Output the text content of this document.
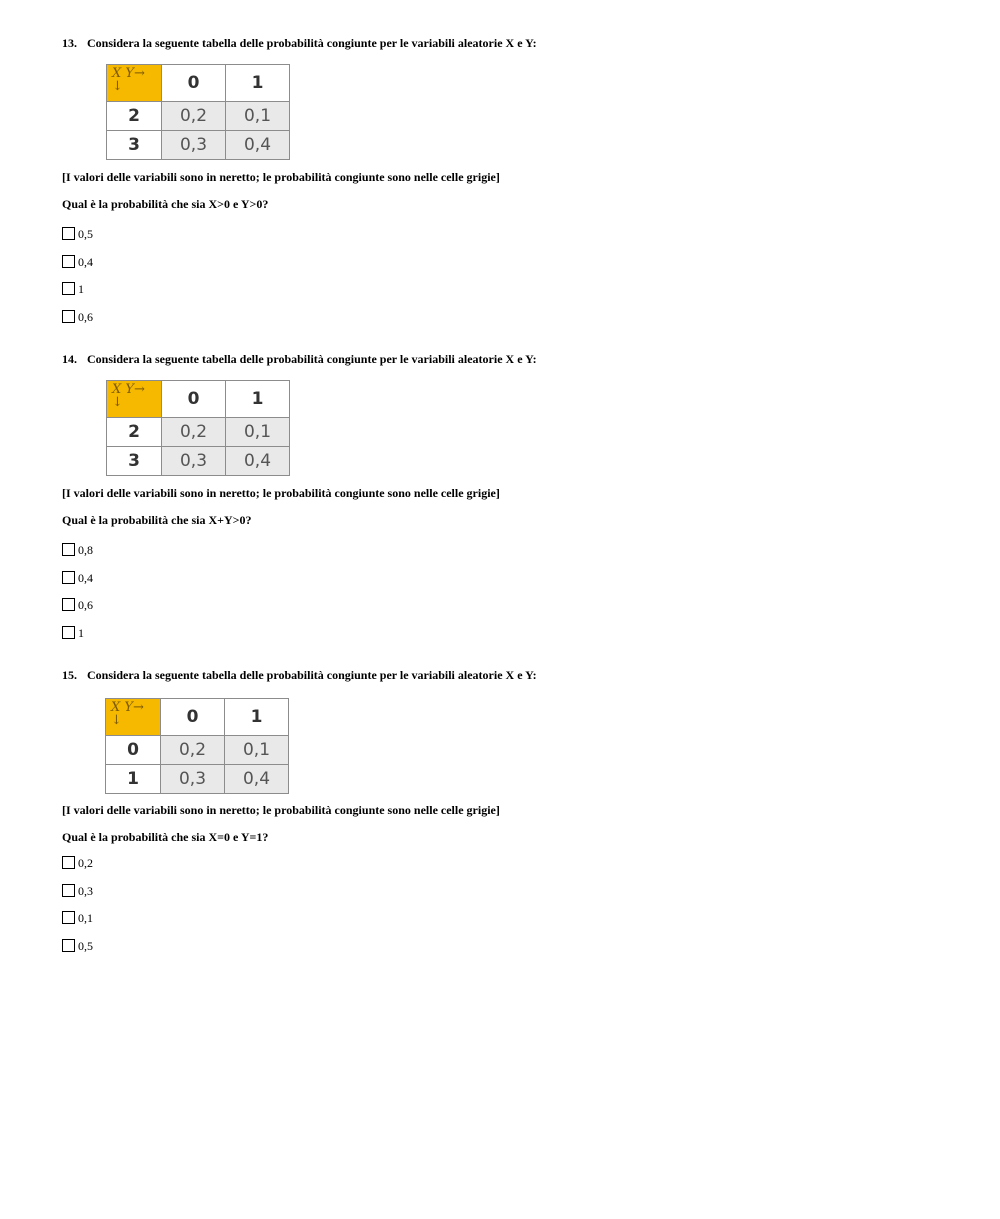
13. Considera la seguente tabella delle probabilità congiunte per le variabili aleatorie X e Y:
X Y→
↓	0	1
2	0,2	0,1
3	0,3	0,4
[I valori delle variabili sono in neretto; le probabilità congiunte sono nelle celle grigie]
Qual è la probabilità che sia X>0 e Y>0?
0,5
0,4
1
0,6
14. Considera la seguente tabella delle probabilità congiunte per le variabili aleatorie X e Y:
X Y→
↓	0	1
2	0,2	0,1
3	0,3	0,4
[I valori delle variabili sono in neretto; le probabilità congiunte sono nelle celle grigie]
Qual è la probabilità che sia X+Y>0?
0,8
0,4
0,6
1
15. Considera la seguente tabella delle probabilità congiunte per le variabili aleatorie X e Y:
X Y→
↓	0	1
0	0,2	0,1
1	0,3	0,4
[I valori delle variabili sono in neretto; le probabilità congiunte sono nelle celle grigie]
Qual è la probabilità che sia X=0 e Y=1?
0,2
0,3
0,1
0,5
